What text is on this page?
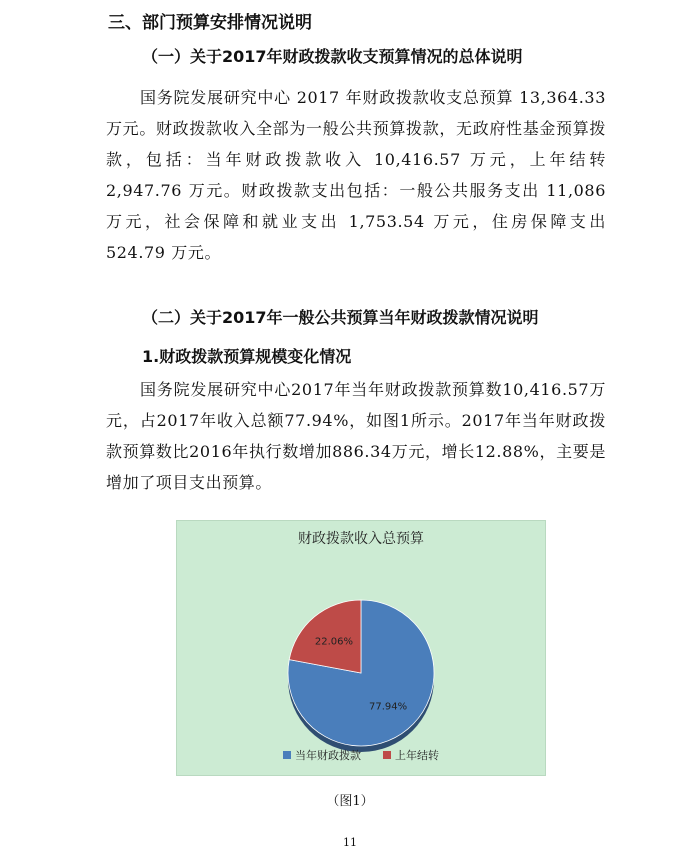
三、部门预算安排情况说明
（一）关于2017年财政拨款收支预算情况的总体说明

国务院发展研究中心 2017 年财政拨款收支总预算 13,364.33 万元。财政拨款收入全部为一般公共预算拨款，无政府性基金预算拨款，包括：当年财政拨款收入 10,416.57 万元，上年结转 2,947.76 万元。财政拨款支出包括：一般公共服务支出 11,086 万元，社会保障和就业支出 1,753.54 万元，住房保障支出 524.79 万元。

（二）关于2017年一般公共预算当年财政拨款情况说明
1.财政拨款预算规模变化情况

国务院发展研究中心2017年当年财政拨款预算数10,416.57万元，占2017年收入总额77.94%，如图1所示。2017年当年财政拨款预算数比2016年执行数增加886.34万元，增长12.88%，主要是增加了项目支出预算。

财政拨款收入总预算
77.94%
22.06%
当年财政拨款	上年结转
（图1）
11
